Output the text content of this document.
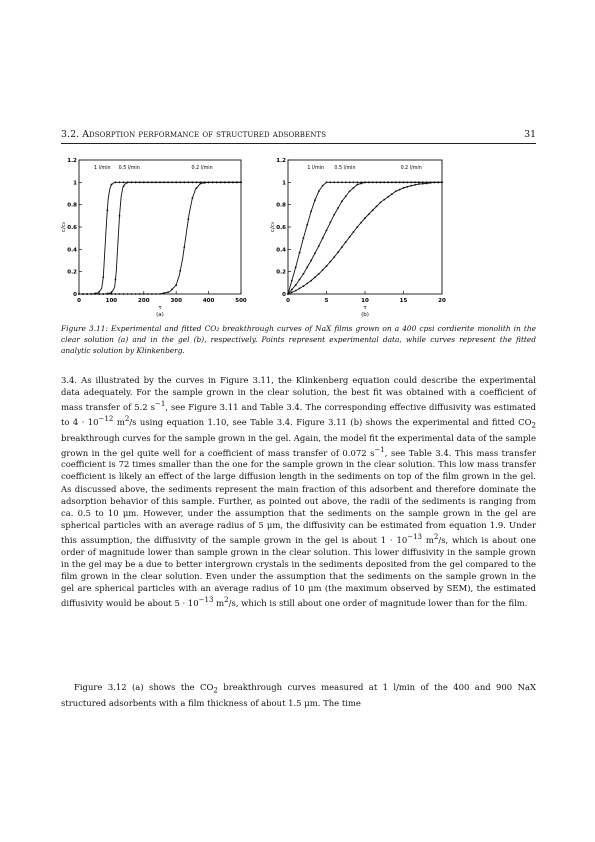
3.2. Adsorption performance of structured adsorbents	31
0	100	200	300	400	500
0
0.2
0.4
0.6
0.8
1
1.2
τ
c/c₀
(a)
1 l/min 0.5 l/min	0.2 l/min
0	5	10	15	20
0
0.2
0.4
0.6
0.8
1
1.2
τ
c/c₀
(b)
1 l/min 0.5 l/min	0.2 l/min
Figure 3.11: Experimental and fitted CO₂ breakthrough curves of NaX films grown on a 400 cpsi cordierite monolith in the clear solution (a) and in the gel (b), respectively. Points represent experimental data, while curves represent the fitted analytic solution by Klinkenberg.
3.4. As illustrated by the curves in Figure 3.11, the Klinkenberg equation could describe the experimental data adequately. For the sample grown in the clear solution, the best fit was obtained with a coefficient of mass transfer of 5.2 $s^{-1}$, see Figure 3.11 and Table 3.4. The corresponding effective diffusivity was estimated to $4 \cdot 10^{-12}$ $m^2/s$ using equation 1.10, see Table 3.4. Figure 3.11 (b) shows the experimental and fitted $CO_2$ breakthrough curves for the sample grown in the gel. Again, the model fit the experimental data of the sample grown in the gel quite well for a coefficient of mass transfer of 0.072 $s^{-1}$, see Table 3.4. This mass transfer coefficient is 72 times smaller than the one for the sample grown in the clear solution. This low mass transfer coefficient is likely an effect of the large diffusion length in the sediments on top of the film grown in the gel. As discussed above, the sediments represent the main fraction of this adsorbent and therefore dominate the adsorption behavior of this sample. Further, as pointed out above, the radii of the sediments is ranging from ca. 0.5 to 10 μm. However, under the assumption that the sediments on the sample grown in the gel are spherical particles with an average radius of 5 μm, the diffusivity can be estimated from equation 1.9. Under this assumption, the diffusivity of the sample grown in the gel is about $1 \cdot 10^{-13}$ $m^2/s$, which is about one order of magnitude lower than sample grown in the clear solution. This lower diffusivity in the sample grown in the gel may be a due to better intergrown crystals in the sediments deposited from the gel compared to the film grown in the clear solution. Even under the assumption that the sediments on the sample grown in the gel are spherical particles with an average radius of 10 μm (the maximum observed by SEM), the estimated diffusivity would be about $5 \cdot 10^{-13}$ $m^2/s$, which is still about one order of magnitude lower than for the film.
Figure 3.12 (a) shows the $CO_2$ breakthrough curves measured at 1 l/min of the 400 and 900 NaX structured adsorbents with a film thickness of about 1.5 μm. The time
